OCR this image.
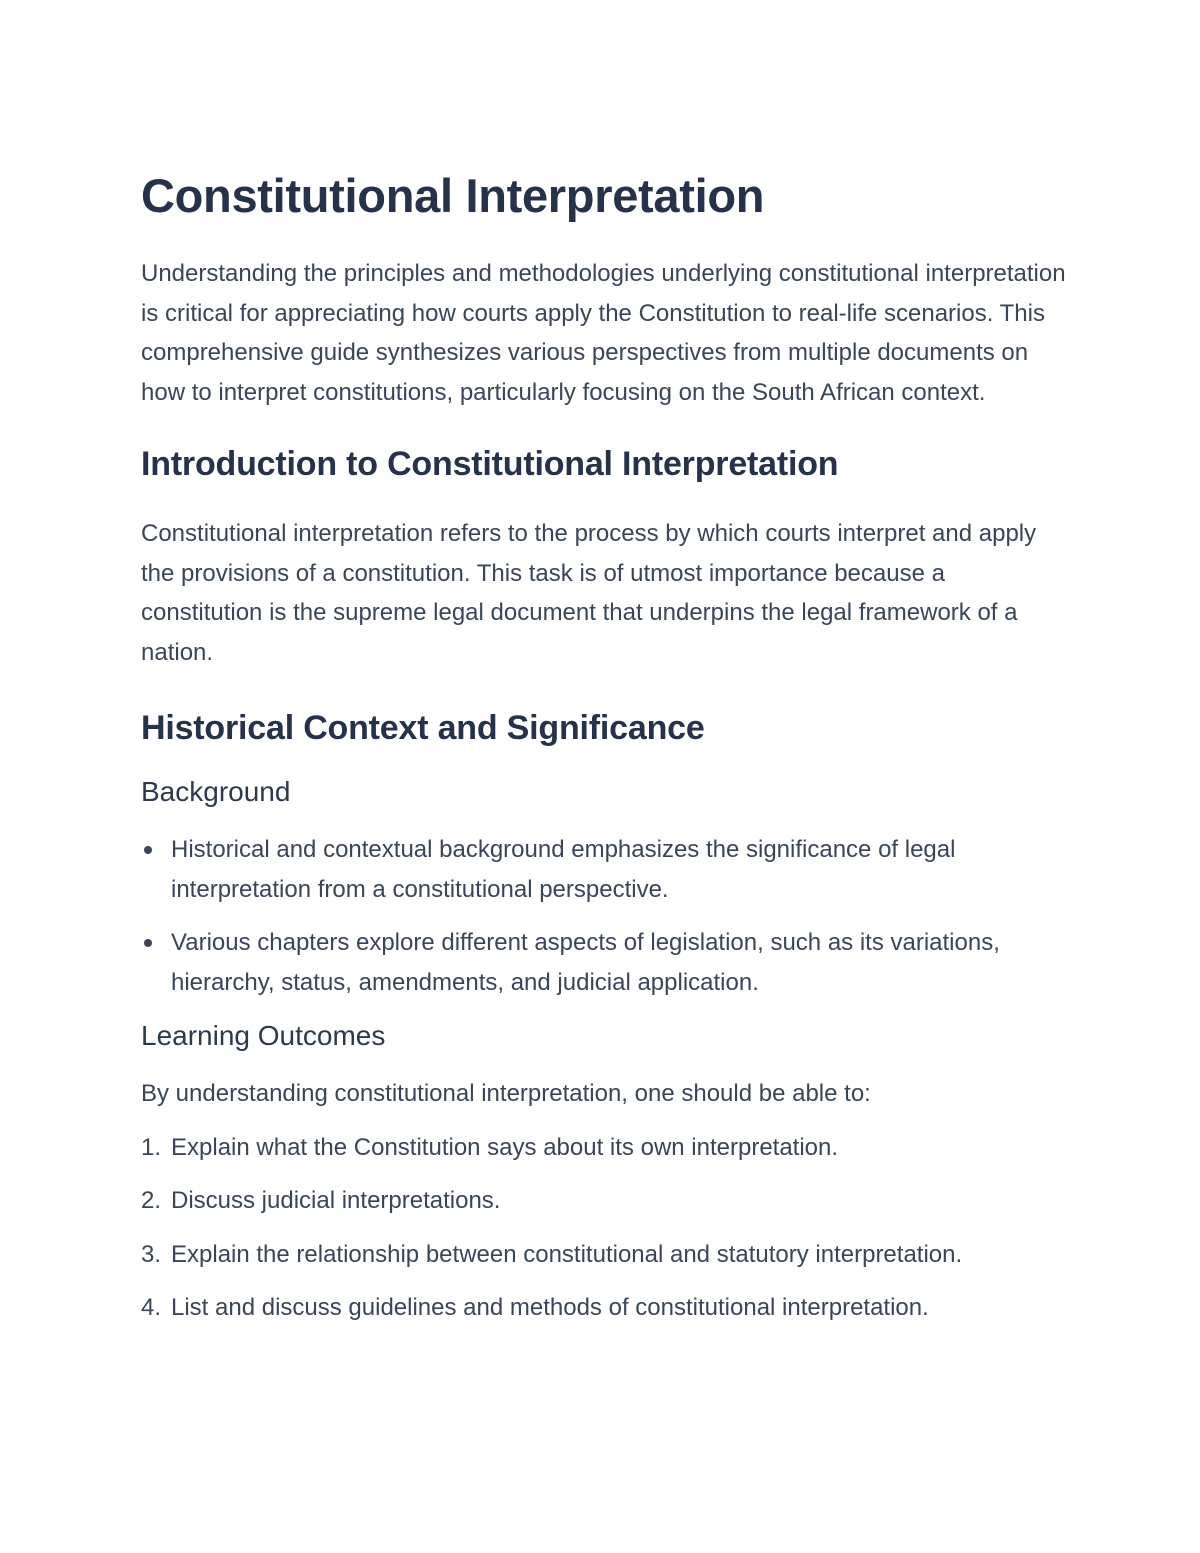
Constitutional Interpretation

Understanding the principles and methodologies underlying constitutional interpretation is critical for appreciating how courts apply the Constitution to real-life scenarios. This comprehensive guide synthesizes various perspectives from multiple documents on how to interpret constitutions, particularly focusing on the South African context.

Introduction to Constitutional Interpretation

Constitutional interpretation refers to the process by which courts interpret and apply the provisions of a constitution. This task is of utmost importance because a constitution is the supreme legal document that underpins the legal framework of a nation.

Historical Context and Significance
Background
Historical and contextual background emphasizes the significance of legal interpretation from a constitutional perspective.
Various chapters explore different aspects of legislation, such as its variations, hierarchy, status, amendments, and judicial application.
Learning Outcomes

By understanding constitutional interpretation, one should be able to:

1. Explain what the Constitution says about its own interpretation.
2. Discuss judicial interpretations.
3. Explain the relationship between constitutional and statutory interpretation.
4. List and discuss guidelines and methods of constitutional interpretation.
